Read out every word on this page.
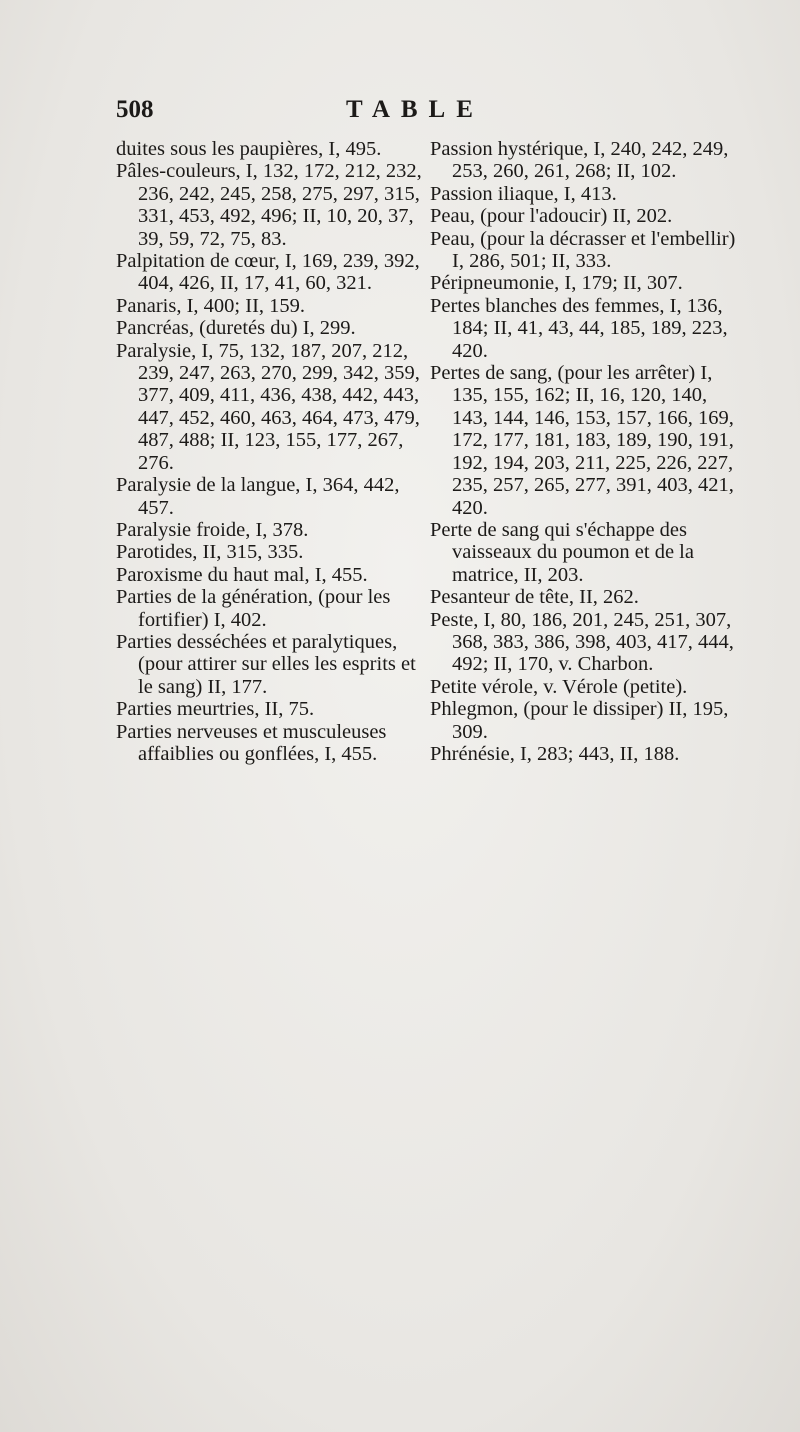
508	TABLE
duites sous les paupières, I, 495.
Pâles-couleurs, I, 132, 172, 212, 232, 236, 242, 245, 258, 275, 297, 315, 331, 453, 492, 496; II, 10, 20, 37, 39, 59, 72, 75, 83.
Palpitation de cœur, I, 169, 239, 392, 404, 426, II, 17, 41, 60, 321.
Panaris, I, 400; II, 159.
Pancréas, (duretés du) I, 299.
Paralysie, I, 75, 132, 187, 207, 212, 239, 247, 263, 270, 299, 342, 359, 377, 409, 411, 436, 438, 442, 443, 447, 452, 460, 463, 464, 473, 479, 487, 488; II, 123, 155, 177, 267, 276.
Paralysie de la langue, I, 364, 442, 457.
Paralysie froide, I, 378.
Parotides, II, 315, 335.
Paroxisme du haut mal, I, 455.
Parties de la génération, (pour les fortifier) I, 402.
Parties desséchées et paralytiques, (pour attirer sur elles les esprits et le sang) II, 177.
Parties meurtries, II, 75.
Parties nerveuses et musculeuses affaiblies ou gonflées, I, 455.
Passion hystérique, I, 240, 242, 249, 253, 260, 261, 268; II, 102.
Passion iliaque, I, 413.
Peau, (pour l'adoucir) II, 202.
Peau, (pour la décrasser et l'embellir) I, 286, 501; II, 333.
Péripneumonie, I, 179; II, 307.
Pertes blanches des femmes, I, 136, 184; II, 41, 43, 44, 185, 189, 223, 420.
Pertes de sang, (pour les arrêter) I, 135, 155, 162; II, 16, 120, 140, 143, 144, 146, 153, 157, 166, 169, 172, 177, 181, 183, 189, 190, 191, 192, 194, 203, 211, 225, 226, 227, 235, 257, 265, 277, 391, 403, 421, 420.
Perte de sang qui s'échappe des vaisseaux du poumon et de la matrice, II, 203.
Pesanteur de tête, II, 262.
Peste, I, 80, 186, 201, 245, 251, 307, 368, 383, 386, 398, 403, 417, 444, 492; II, 170, v. Charbon.
Petite vérole, v. Vérole (petite).
Phlegmon, (pour le dissiper) II, 195, 309.
Phrénésie, I, 283; 443, II, 188.
